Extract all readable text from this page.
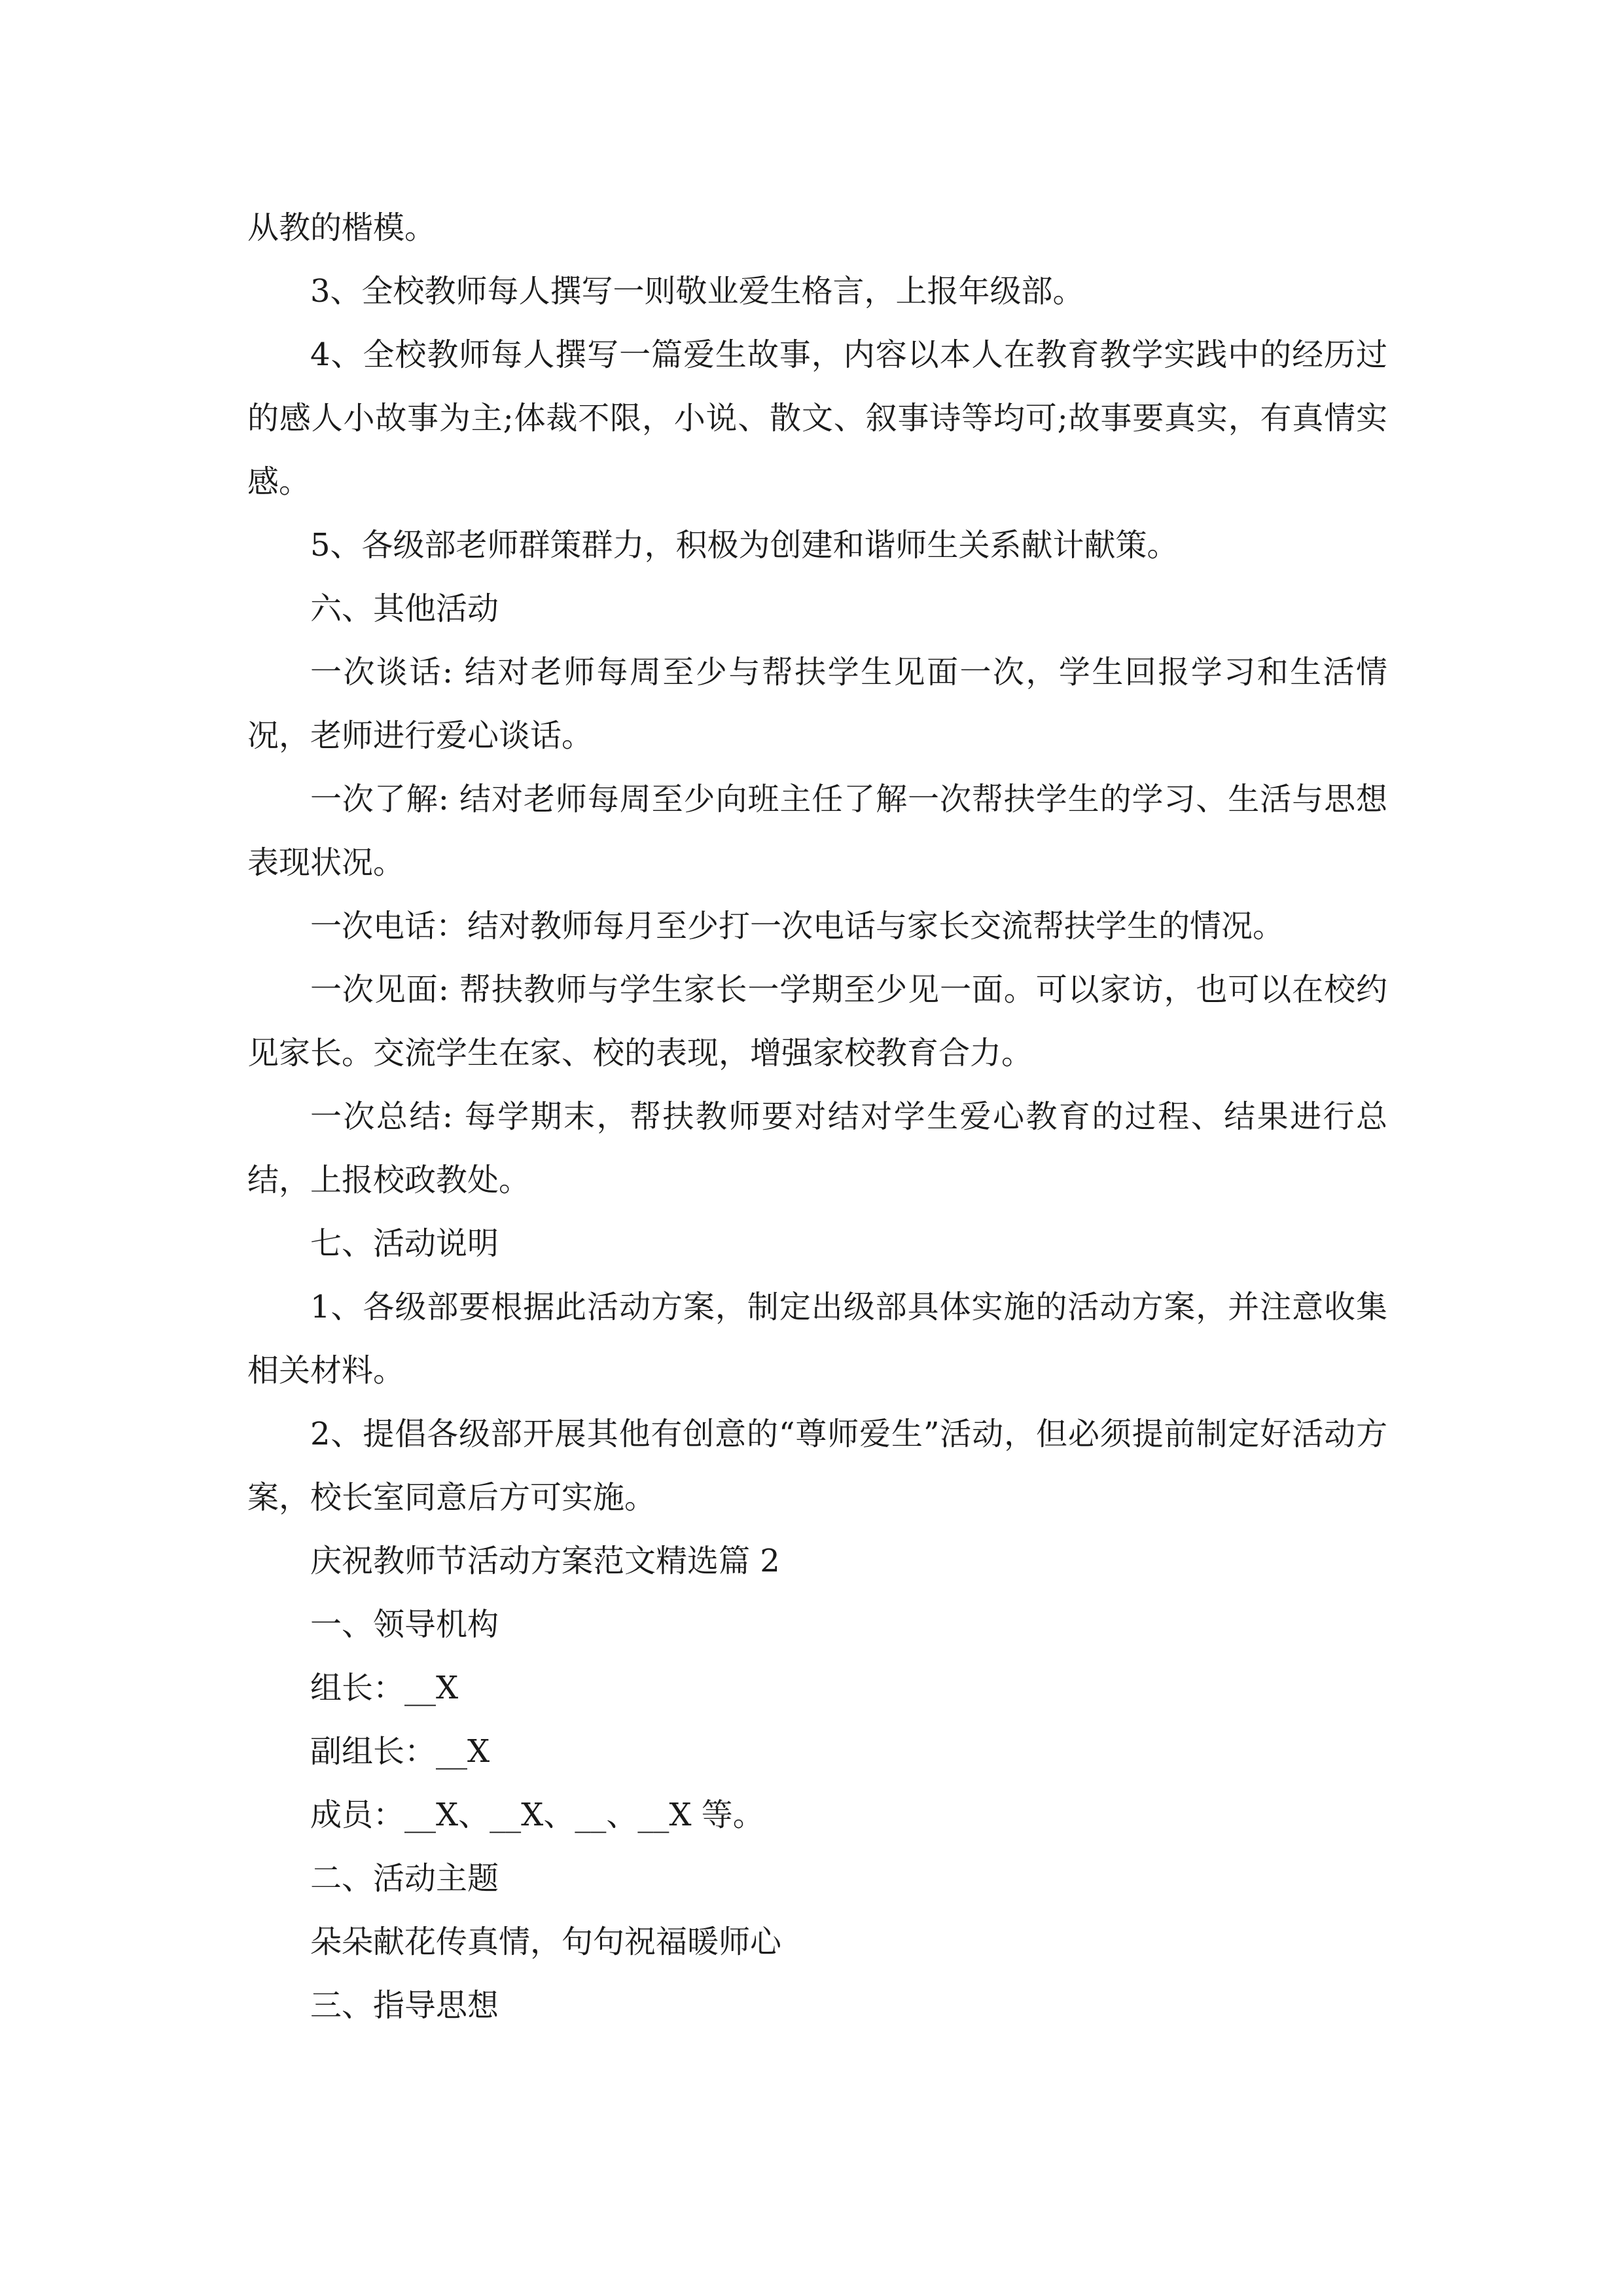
从教的楷模。

3、全校教师每人撰写一则敬业爱生格言，上报年级部。

4、全校教师每人撰写一篇爱生故事，内容以本人在教育教学实践中的经历过的感人小故事为主;体裁不限，小说、散文、叙事诗等均可;故事要真实，有真情实感。

5、各级部老师群策群力，积极为创建和谐师生关系献计献策。

六、其他活动

一次谈话: 结对老师每周至少与帮扶学生见面一次，学生回报学习和生活情况，老师进行爱心谈话。

一次了解: 结对老师每周至少向班主任了解一次帮扶学生的学习、生活与思想表现状况。

一次电话：结对教师每月至少打一次电话与家长交流帮扶学生的情况。

一次见面: 帮扶教师与学生家长一学期至少见一面。可以家访，也可以在校约见家长。交流学生在家、校的表现，增强家校教育合力。

一次总结: 每学期末，帮扶教师要对结对学生爱心教育的过程、结果进行总结，上报校政教处。

七、活动说明

1、各级部要根据此活动方案，制定出级部具体实施的活动方案，并注意收集相关材料。

2、提倡各级部开展其他有创意的“尊师爱生”活动，但必须提前制定好活动方案，校长室同意后方可实施。

庆祝教师节活动方案范文精选篇 2

一、领导机构

组长：__X

副组长：__X

成员：__X、__X、__、__X 等。

二、活动主题

朵朵献花传真情，句句祝福暖师心

三、指导思想
